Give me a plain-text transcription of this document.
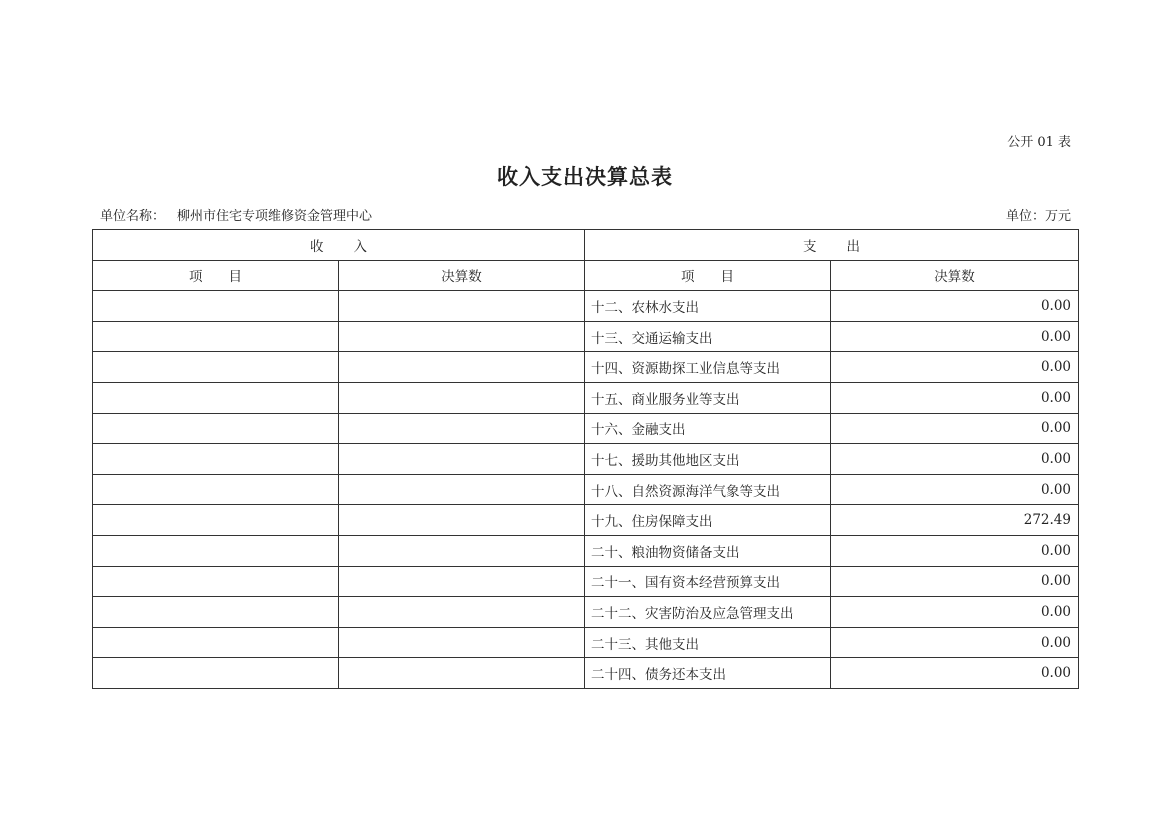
公开 01 表
收入支出决算总表
单位名称： 柳州市住宅专项维修资金管理中心	单位：万元
收入		支出	
项目	决算数	项目	决算数
		十二、农林水支出	0.00
		十三、交通运输支出	0.00
		十四、资源勘探工业信息等支出	0.00
		十五、商业服务业等支出	0.00
		十六、金融支出	0.00
		十七、援助其他地区支出	0.00
		十八、自然资源海洋气象等支出	0.00
		十九、住房保障支出	272.49
		二十、粮油物资储备支出	0.00
		二十一、国有资本经营预算支出	0.00
		二十二、灾害防治及应急管理支出	0.00
		二十三、其他支出	0.00
		二十四、债务还本支出	0.00
